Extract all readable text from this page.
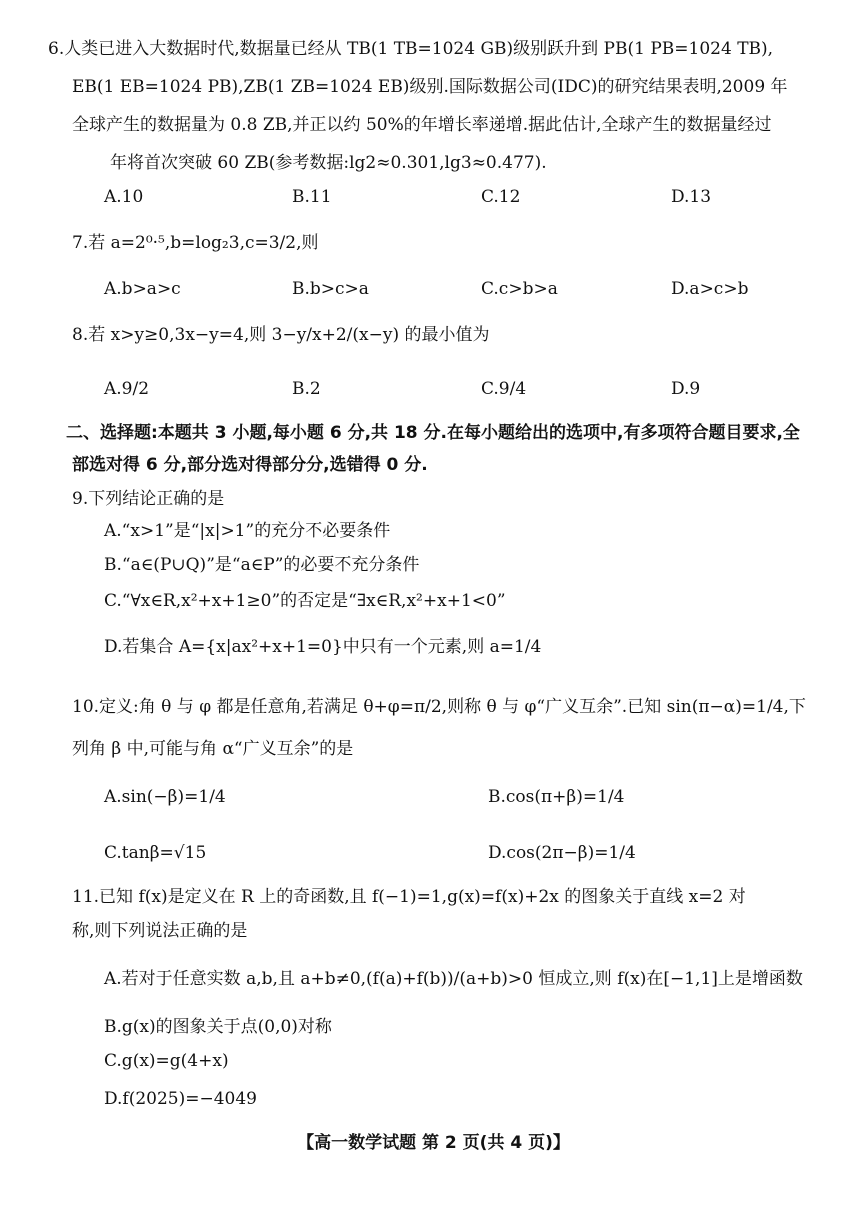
6.人类已进入大数据时代,数据量已经从 TB(1 TB=1024 GB)级别跃升到 PB(1 PB=1024 TB),
EB(1 EB=1024 PB),ZB(1 ZB=1024 EB)级别.国际数据公司(IDC)的研究结果表明,2009 年
全球产生的数据量为 0.8 ZB,并正以约 50%的年增长率递增.据此估计,全球产生的数据量经过
年将首次突破 60 ZB(参考数据:lg2≈0.301,lg3≈0.477).
A.10	B.11	C.12	D.13
7.若 a=2⁰·⁵,b=log₂3,c=3/2,则
A.b>a>c	B.b>c>a	C.c>b>a	D.a>c>b
8.若 x>y≥0,3x−y=4,则 3−y/x+2/(x−y) 的最小值为
A.9/2	B.2	C.9/4	D.9
二、选择题:本题共 3 小题,每小题 6 分,共 18 分.在每小题给出的选项中,有多项符合题目要求,全
部选对得 6 分,部分选对得部分分,选错得 0 分.
9.下列结论正确的是
A.“x>1”是“|x|>1”的充分不必要条件
B.“a∈(P∪Q)”是“a∈P”的必要不充分条件
C.“∀x∈R,x²+x+1≥0”的否定是“∃x∈R,x²+x+1<0”
D.若集合 A={x|ax²+x+1=0}中只有一个元素,则 a=1/4
10.定义:角 θ 与 φ 都是任意角,若满足 θ+φ=π/2,则称 θ 与 φ“广义互余”.已知 sin(π−α)=1/4,下
列角 β 中,可能与角 α“广义互余”的是
A.sin(−β)=1/4	B.cos(π+β)=1/4
C.tanβ=√15	D.cos(2π−β)=1/4
11.已知 f(x)是定义在 R 上的奇函数,且 f(−1)=1,g(x)=f(x)+2x 的图象关于直线 x=2 对
称,则下列说法正确的是
A.若对于任意实数 a,b,且 a+b≠0,(f(a)+f(b))/(a+b)>0 恒成立,则 f(x)在[−1,1]上是增函数
B.g(x)的图象关于点(0,0)对称
C.g(x)=g(4+x)
D.f(2025)=−4049
【高一数学试题 第 2 页(共 4 页)】
